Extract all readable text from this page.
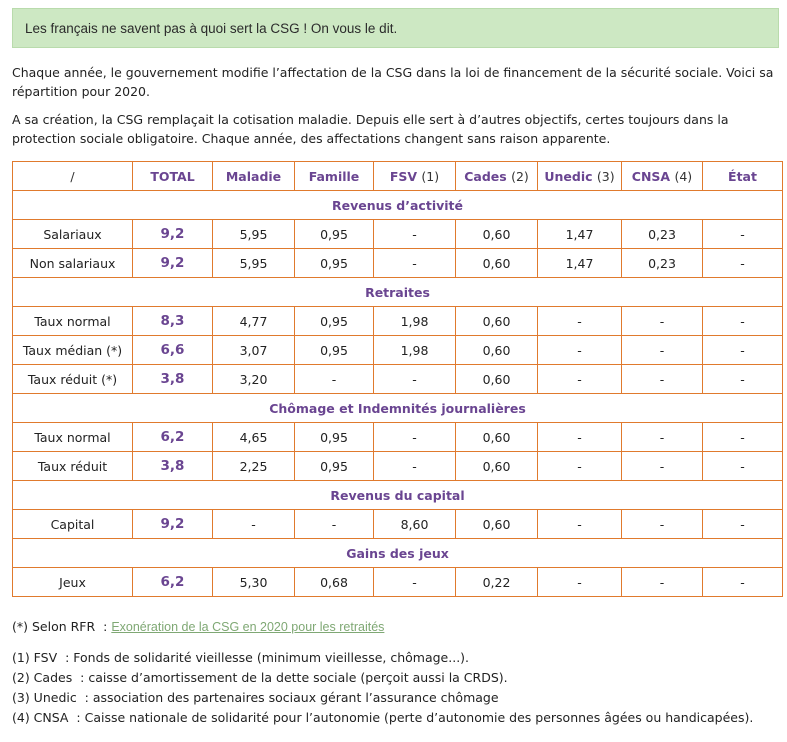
Les français ne savent pas à quoi sert la CSG ! On vous le dit.

Chaque année, le gouvernement modifie l’affectation de la CSG dans la loi de financement de la sécurité sociale. Voici sa répartition pour 2020.

A sa création, la CSG remplaçait la cotisation maladie. Depuis elle sert à d’autres objectifs, certes toujours dans la protection sociale obligatoire. Chaque année, des affectations changent sans raison apparente.

/	TOTAL	Maladie	Famille	FSV (1)	Cades (2)	Unedic (3)	CNSA (4)	État
Revenus d’activité								
Salariaux	9,2	5,95	0,95	-	0,60	1,47	0,23	-
Non salariaux	9,2	5,95	0,95	-	0,60	1,47	0,23	-
Retraites								
Taux normal	8,3	4,77	0,95	1,98	0,60	-	-	-
Taux médian (*)	6,6	3,07	0,95	1,98	0,60	-	-	-
Taux réduit (*)	3,8	3,20	-	-	0,60	-	-	-
Chômage et Indemnités journalières								
Taux normal	6,2	4,65	0,95	-	0,60	-	-	-
Taux réduit	3,8	2,25	0,95	-	0,60	-	-	-
Revenus du capital								
Capital	9,2	-	-	8,60	0,60	-	-	-
Gains des jeux								
Jeux	6,2	5,30	0,68	-	0,22	-	-	-
(*) Selon RFR  : Exonération de la CSG en 2020 pour les retraités
(1) FSV  : Fonds de solidarité vieillesse (minimum vieillesse, chômage...).
(2) Cades  : caisse d’amortissement de la dette sociale (perçoit aussi la CRDS).
(3) Unedic  : association des partenaires sociaux gérant l’assurance chômage
(4) CNSA  : Caisse nationale de solidarité pour l’autonomie (perte d’autonomie des personnes âgées ou handicapées).
